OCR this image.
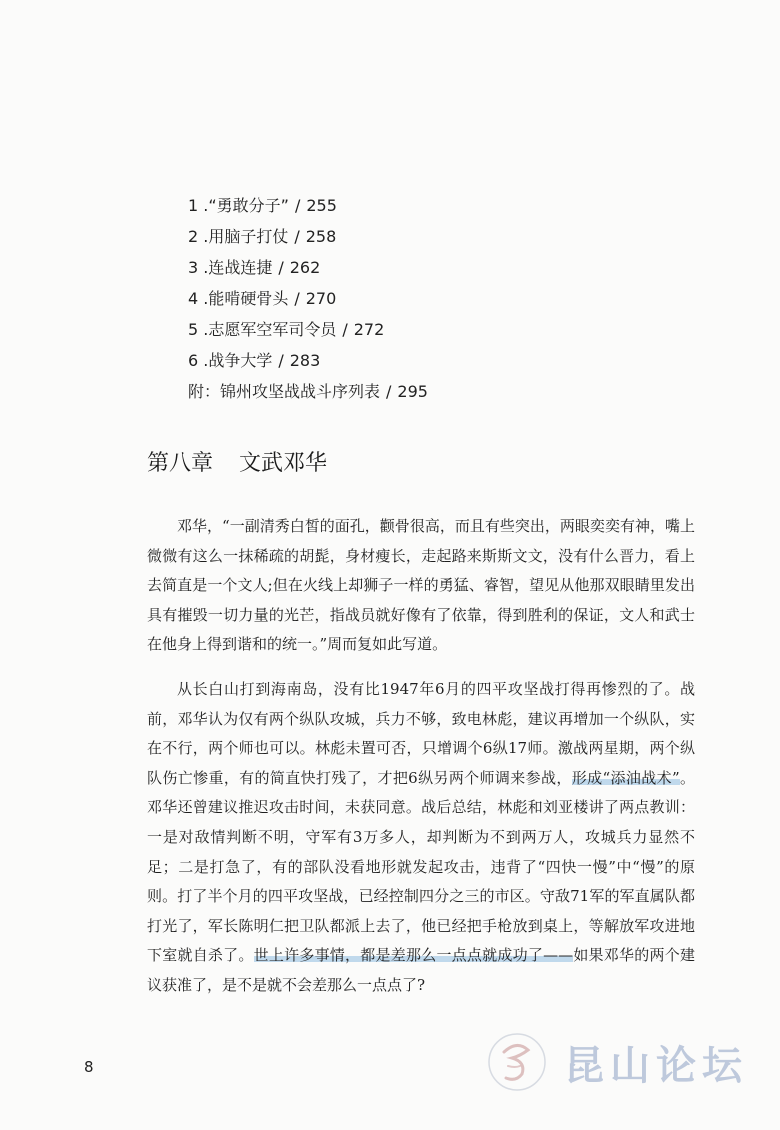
1 .“勇敢分子” / 255
2 .用脑子打仗 / 258
3 .连战连捷 / 262
4 .能啃硬骨头 / 270
5 .志愿军空军司令员 / 272
6 .战争大学 / 283
附：锦州攻坚战战斗序列表 / 295
第八章 文武邓华

邓华，“一副清秀白皙的面孔，颧骨很高，而且有些突出，两眼奕奕有神，嘴上微微有这么一抹稀疏的胡髭，身材瘦长，走起路来斯斯文文，没有什么晋力，看上去简直是一个文人;但在火线上却狮子一样的勇猛、睿智，望见从他那双眼睛里发出具有摧毁一切力量的光芒，指战员就好像有了依靠，得到胜利的保证，文人和武士在他身上得到谐和的统一。”周而复如此写道。

从长白山打到海南岛，没有比1947年6月的四平攻坚战打得再惨烈的了。战前，邓华认为仅有两个纵队攻城，兵力不够，致电林彪，建议再增加一个纵队，实在不行，两个师也可以。林彪未置可否，只增调个6纵17师。激战两星期，两个纵队伤亡惨重，有的简直快打残了，才把6纵另两个师调来参战，形成“添油战术”。邓华还曾建议推迟攻击时间，未获同意。战后总结，林彪和刘亚楼讲了两点教训：一是对敌情判断不明，守军有3万多人，却判断为不到两万人，攻城兵力显然不足；二是打急了，有的部队没看地形就发起攻击，违背了“四快一慢”中“慢”的原则。打了半个月的四平攻坚战，已经控制四分之三的市区。守敌71军的军直属队都打光了，军长陈明仁把卫队都派上去了，他已经把手枪放到桌上，等解放军攻进地下室就自杀了。世上许多事情，都是差那么一点点就成功了——如果邓华的两个建议获准了，是不是就不会差那么一点点了?

8	昆山论坛
